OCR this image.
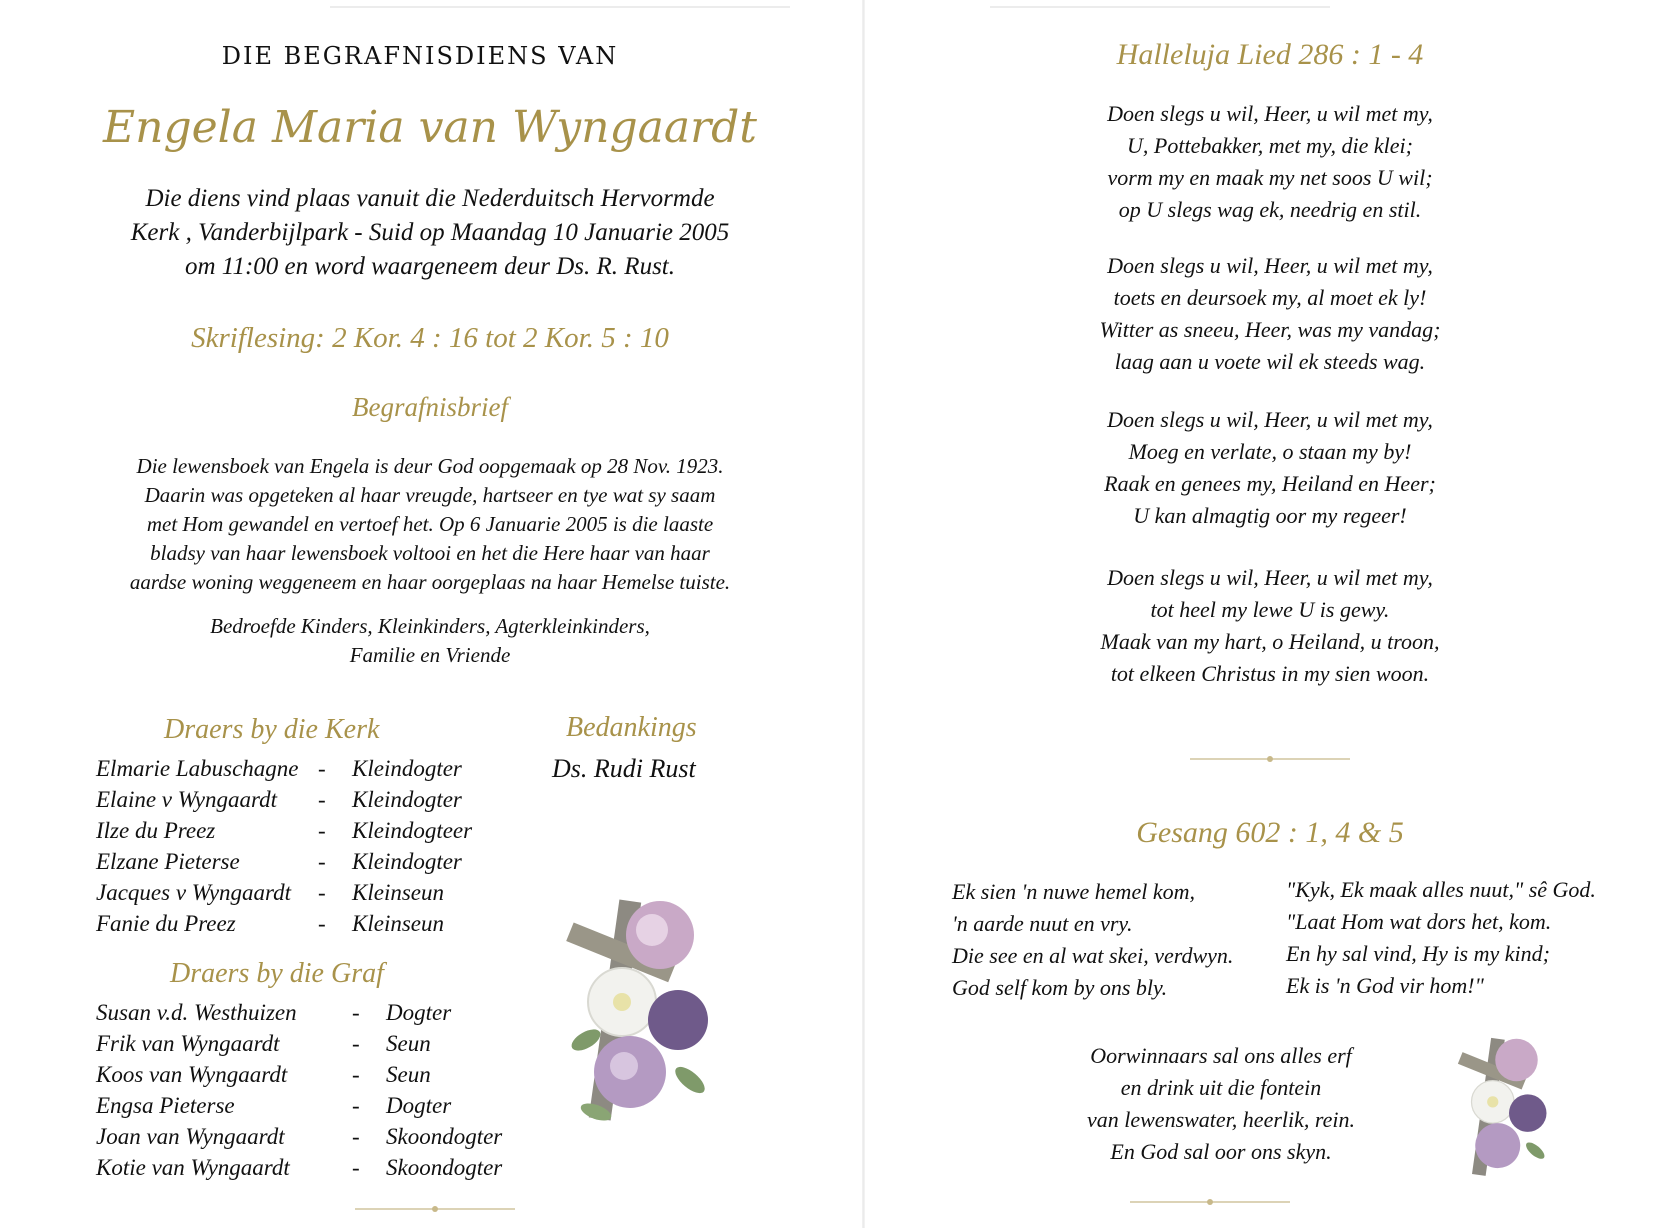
DIE BEGRAFNISDIENS VAN
Engela Maria van Wyngaardt
Die diens vind plaas vanuit die Nederduitsch Hervormde
Kerk , Vanderbijlpark - Suid op Maandag 10 Januarie 2005
om 11:00 en word waargeneem deur Ds. R. Rust.
Skriflesing: 2 Kor. 4 : 16 tot 2 Kor. 5 : 10
Begrafnisbrief
Die lewensboek van Engela is deur God oopgemaak op 28 Nov. 1923.
Daarin was opgeteken al haar vreugde, hartseer en tye wat sy saam
met Hom gewandel en vertoef het. Op 6 Januarie 2005 is die laaste
bladsy van haar lewensboek voltooi en het die Here haar van haar
aardse woning weggeneem en haar oorgeplaas na haar Hemelse tuiste.
Bedroefde Kinders, Kleinkinders, Agterkleinkinders,
Familie en Vriende
Draers by die Kerk
Elmarie Labuschagne - Kleindogter
Elaine v Wyngaardt - Kleindogter
Ilze du Preez	- Kleindogteer
Elzane Pieterse	- Kleindogter
Jacques v Wyngaardt - Kleinseun
Fanie du Preez	- Kleinseun
Draers by die Graf
Susan v.d. Westhuizen - Dogter
Frik van Wyngaardt	- Seun
Koos van Wyngaardt	- Seun
Engsa Pieterse	- Dogter
Joan van Wyngaardt	- Skoondogter
Kotie van Wyngaardt	- Skoondogter
Bedankings
Ds. Rudi Rust
Halleluja Lied 286 : 1 - 4
Doen slegs u wil, Heer, u wil met my,
U, Pottebakker, met my, die klei;
vorm my en maak my net soos U wil;
op U slegs wag ek, needrig en stil.
Doen slegs u wil, Heer, u wil met my,
toets en deursoek my, al moet ek ly!
Witter as sneeu, Heer, was my vandag;
laag aan u voete wil ek steeds wag.
Doen slegs u wil, Heer, u wil met my,
Moeg en verlate, o staan my by!
Raak en genees my, Heiland en Heer;
U kan almagtig oor my regeer!
Doen slegs u wil, Heer, u wil met my,
tot heel my lewe U is gewy.
Maak van my hart, o Heiland, u troon,
tot elkeen Christus in my sien woon.
Gesang 602 : 1, 4 & 5
Ek sien 'n nuwe hemel kom,
'n aarde nuut en vry.
Die see en al wat skei, verdwyn.
God self kom by ons bly.
"Kyk, Ek maak alles nuut," sê God.
"Laat Hom wat dors het, kom.
En hy sal vind, Hy is my kind;
Ek is 'n God vir hom!"
Oorwinnaars sal ons alles erf
en drink uit die fontein
van lewenswater, heerlik, rein.
En God sal oor ons skyn.
